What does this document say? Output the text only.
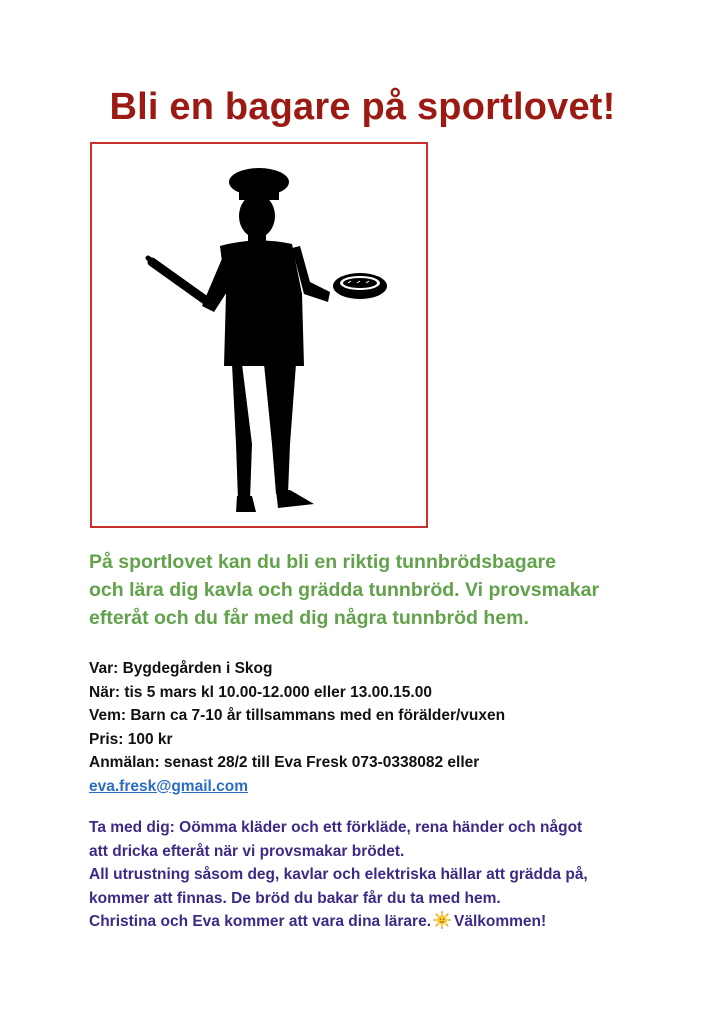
Bli en bagare på sportlovet!
På sportlovet kan du bli en riktig tunnbrödsbagare
och lära dig kavla och grädda tunnbröd. Vi provsmakar
efteråt och du får med dig några tunnbröd hem.
Var: Bygdegården i Skog
När: tis 5 mars kl 10.00-12.000 eller 13.00.15.00
Vem: Barn ca 7-10 år tillsammans med en förälder/vuxen
Pris: 100 kr
Anmälan: senast 28/2 till Eva Fresk 073-0338082 eller
eva.fresk@gmail.com
Ta med dig: Oömma kläder och ett förkläde, rena händer och något
att dricka efteråt när vi provsmakar brödet.
All utrustning såsom deg, kavlar och elektriska hällar att grädda på,
kommer att finnas. De bröd du bakar får du ta med hem.
Christina och Eva kommer att vara dina lärare. Välkommen!
